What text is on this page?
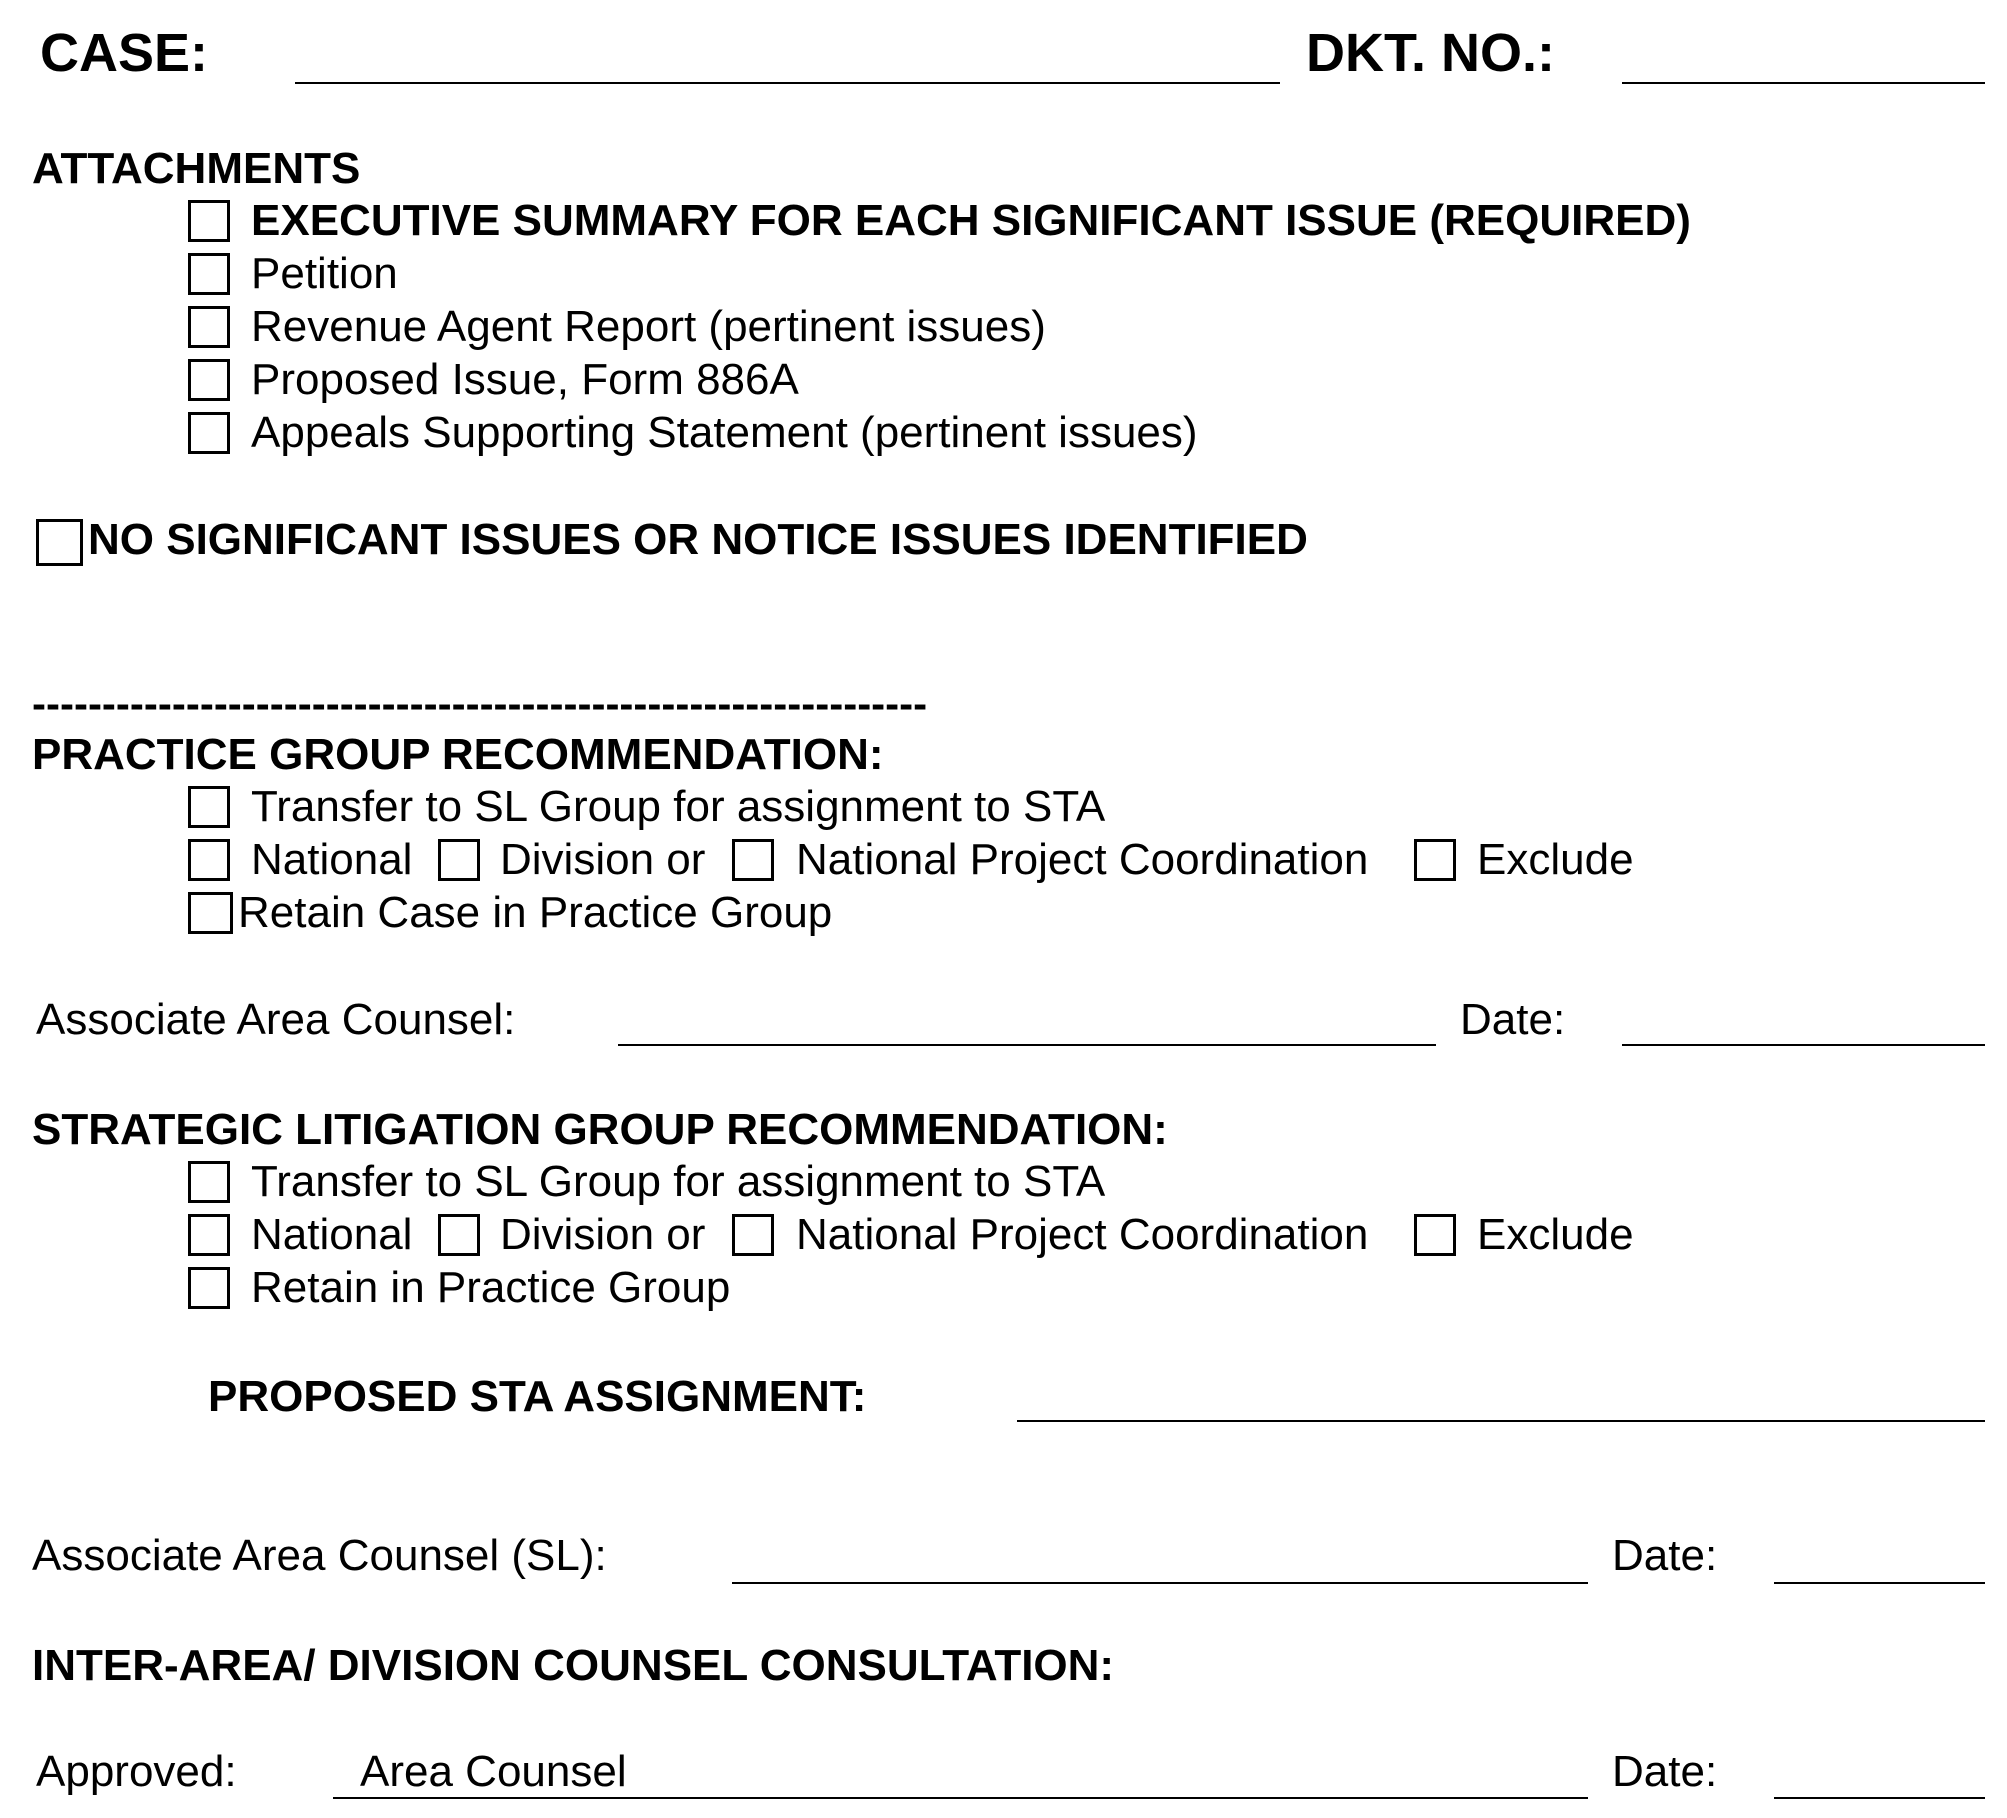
CASE:	DKT. NO.:
ATTACHMENTS
EXECUTIVE SUMMARY FOR EACH SIGNIFICANT ISSUE (REQUIRED)
Petition
Revenue Agent Report (pertinent issues)
Proposed Issue, Form 886A
Appeals Supporting Statement (pertinent issues)
NO SIGNIFICANT ISSUES OR NOTICE ISSUES IDENTIFIED
----------------------------------------------------------------
PRACTICE GROUP RECOMMENDATION:
Transfer to SL Group for assignment to STA
National Division or National Project Coordination Exclude
Retain Case in Practice Group
Associate Area Counsel:	Date:
STRATEGIC LITIGATION GROUP RECOMMENDATION:
Transfer to SL Group for assignment to STA
National Division or National Project Coordination Exclude
Retain in Practice Group
PROPOSED STA ASSIGNMENT:
Associate Area Counsel (SL):	Date:
INTER-AREA/ DIVISION COUNSEL CONSULTATION:
Approved:	Area Counsel	Date:
